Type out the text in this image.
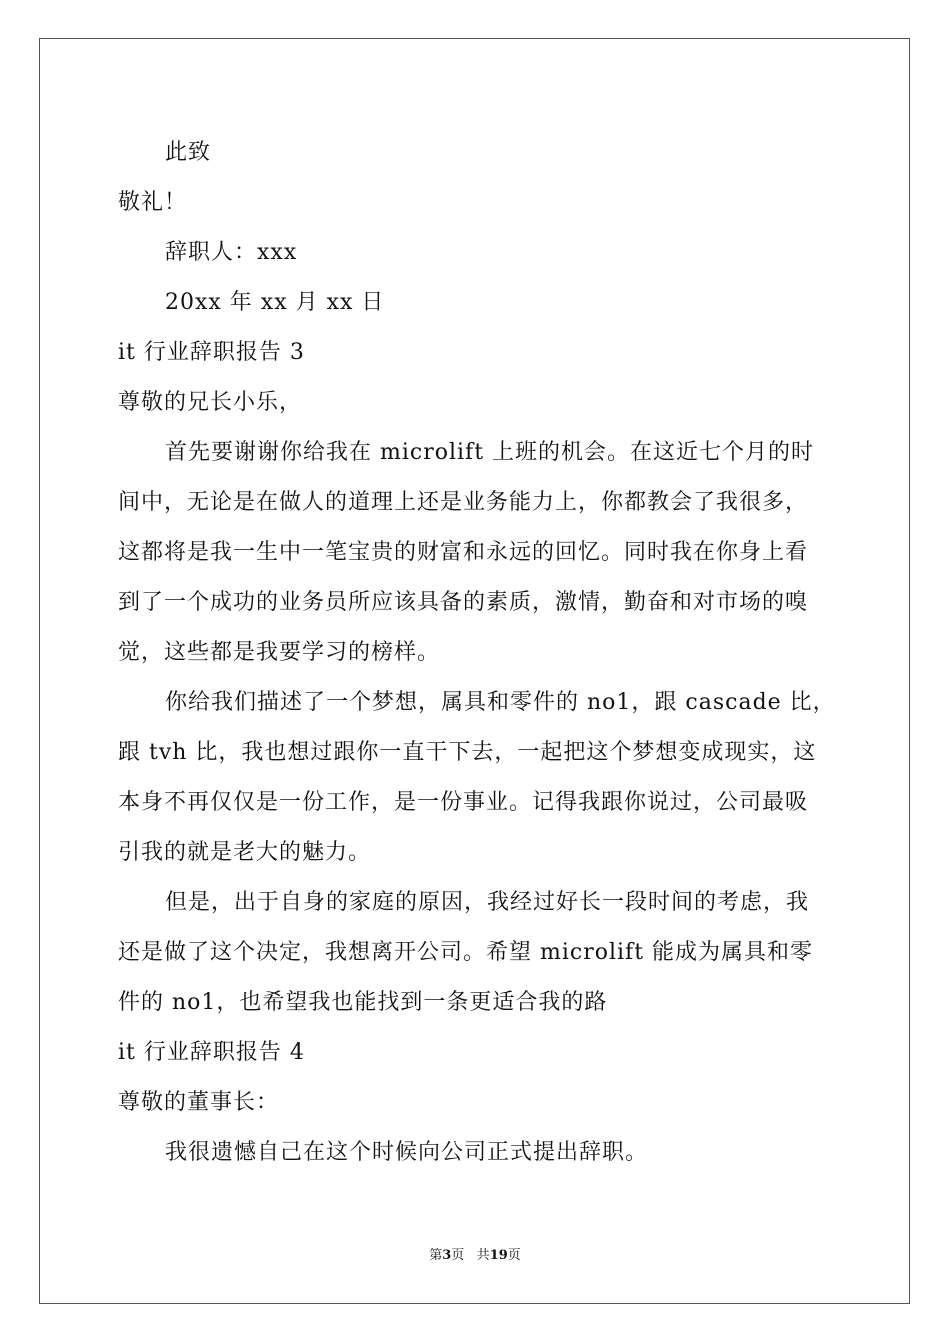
此致
敬礼！
辞职人：xxx
20xx 年 xx 月 xx 日
it 行业辞职报告 3
尊敬的兄长小乐，
首先要谢谢你给我在 microlift 上班的机会。在这近七个月的时
间中，无论是在做人的道理上还是业务能力上，你都教会了我很多，
这都将是我一生中一笔宝贵的财富和永远的回忆。同时我在你身上看
到了一个成功的业务员所应该具备的素质，激情，勤奋和对市场的嗅
觉，这些都是我要学习的榜样。
你给我们描述了一个梦想，属具和零件的 no1，跟 cascade 比，
跟 tvh 比，我也想过跟你一直干下去，一起把这个梦想变成现实，这
本身不再仅仅是一份工作，是一份事业。记得我跟你说过，公司最吸
引我的就是老大的魅力。
但是，出于自身的家庭的原因，我经过好长一段时间的考虑，我
还是做了这个决定，我想离开公司。希望 microlift 能成为属具和零
件的 no1，也希望我也能找到一条更适合我的路
it 行业辞职报告 4
尊敬的董事长：
我很遗憾自己在这个时候向公司正式提出辞职。
第3页 共19页
